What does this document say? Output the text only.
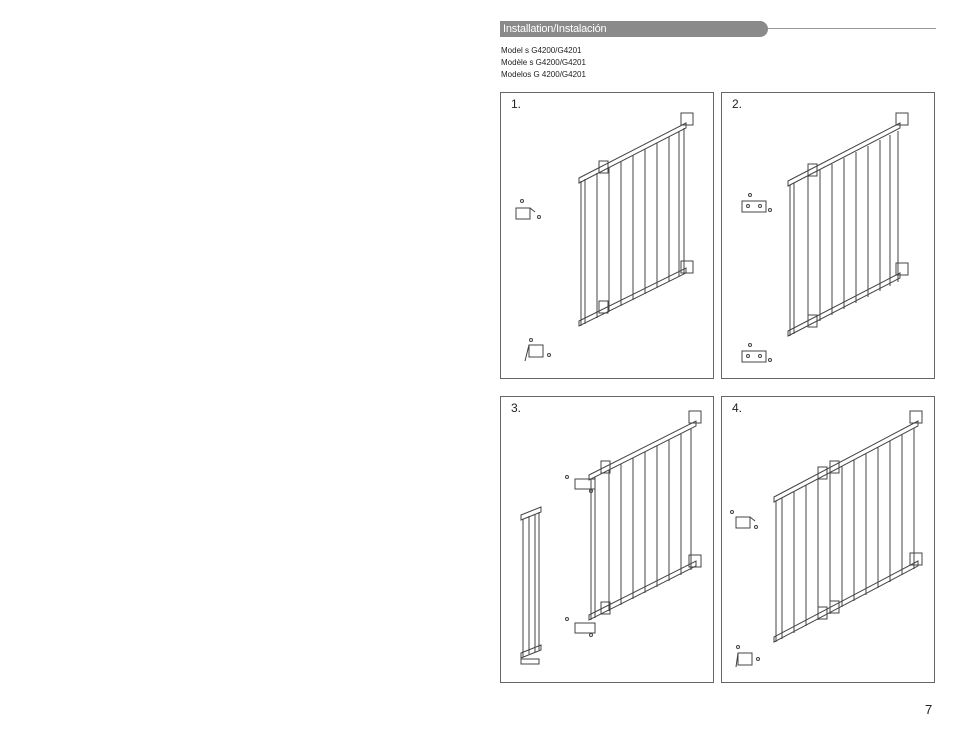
Installation/Instalación
Model s G4200/G4201
Modèle s G4200/G4201
Modelos G 4200/G4201
1.	2.
3.	4.
7
